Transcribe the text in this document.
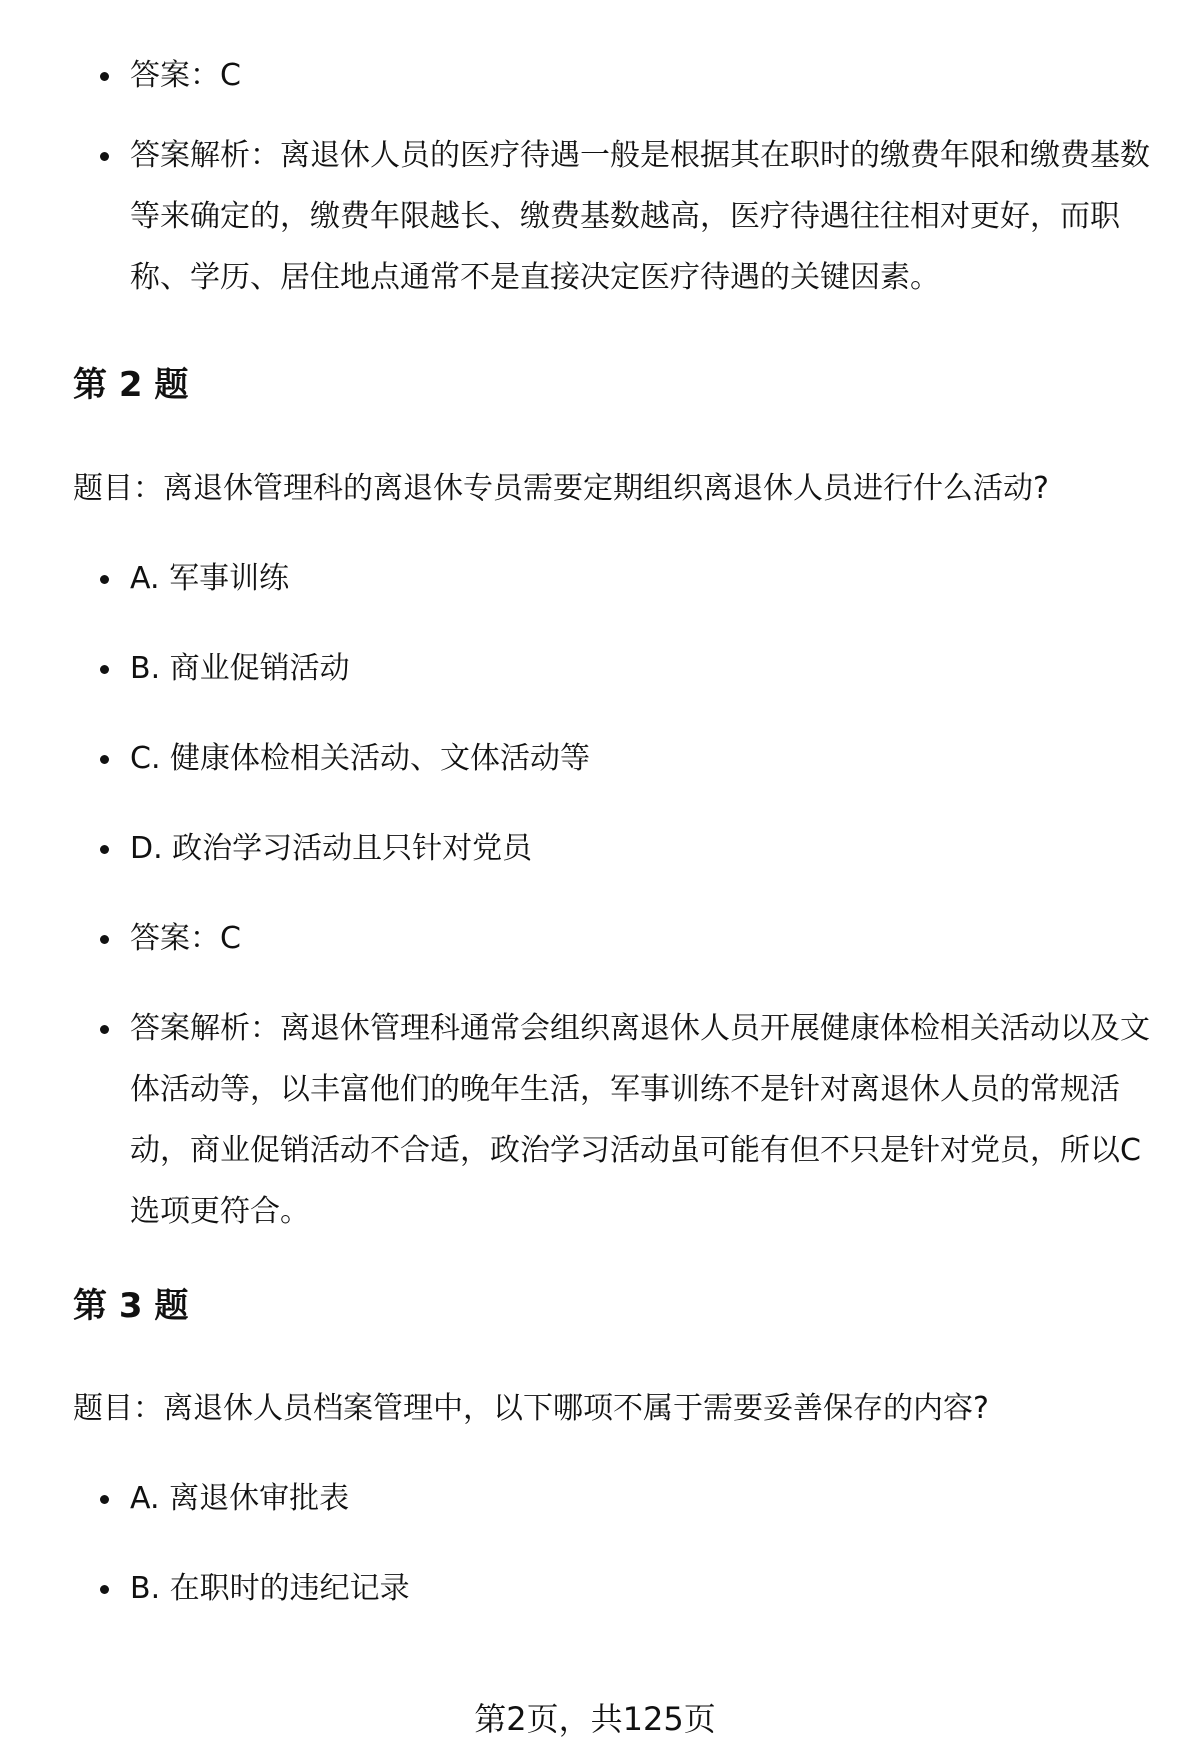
答案：C
答案解析：离退休人员的医疗待遇一般是根据其在职时的缴费年限和缴费基数等来确定的，缴费年限越长、缴费基数越高，医疗待遇往往相对更好，而职称、学历、居住地点通常不是直接决定医疗待遇的关键因素。
第 2 题
题目：离退休管理科的离退休专员需要定期组织离退休人员进行什么活动?
A. 军事训练
B. 商业促销活动
C. 健康体检相关活动、文体活动等
D. 政治学习活动且只针对党员
答案：C
答案解析：离退休管理科通常会组织离退休人员开展健康体检相关活动以及文体活动等，以丰富他们的晚年生活，军事训练不是针对离退休人员的常规活动，商业促销活动不合适，政治学习活动虽可能有但不只是针对党员，所以C选项更符合。
第 3 题
题目：离退休人员档案管理中，以下哪项不属于需要妥善保存的内容?
A. 离退休审批表
B. 在职时的违纪记录
第2页，共125页
